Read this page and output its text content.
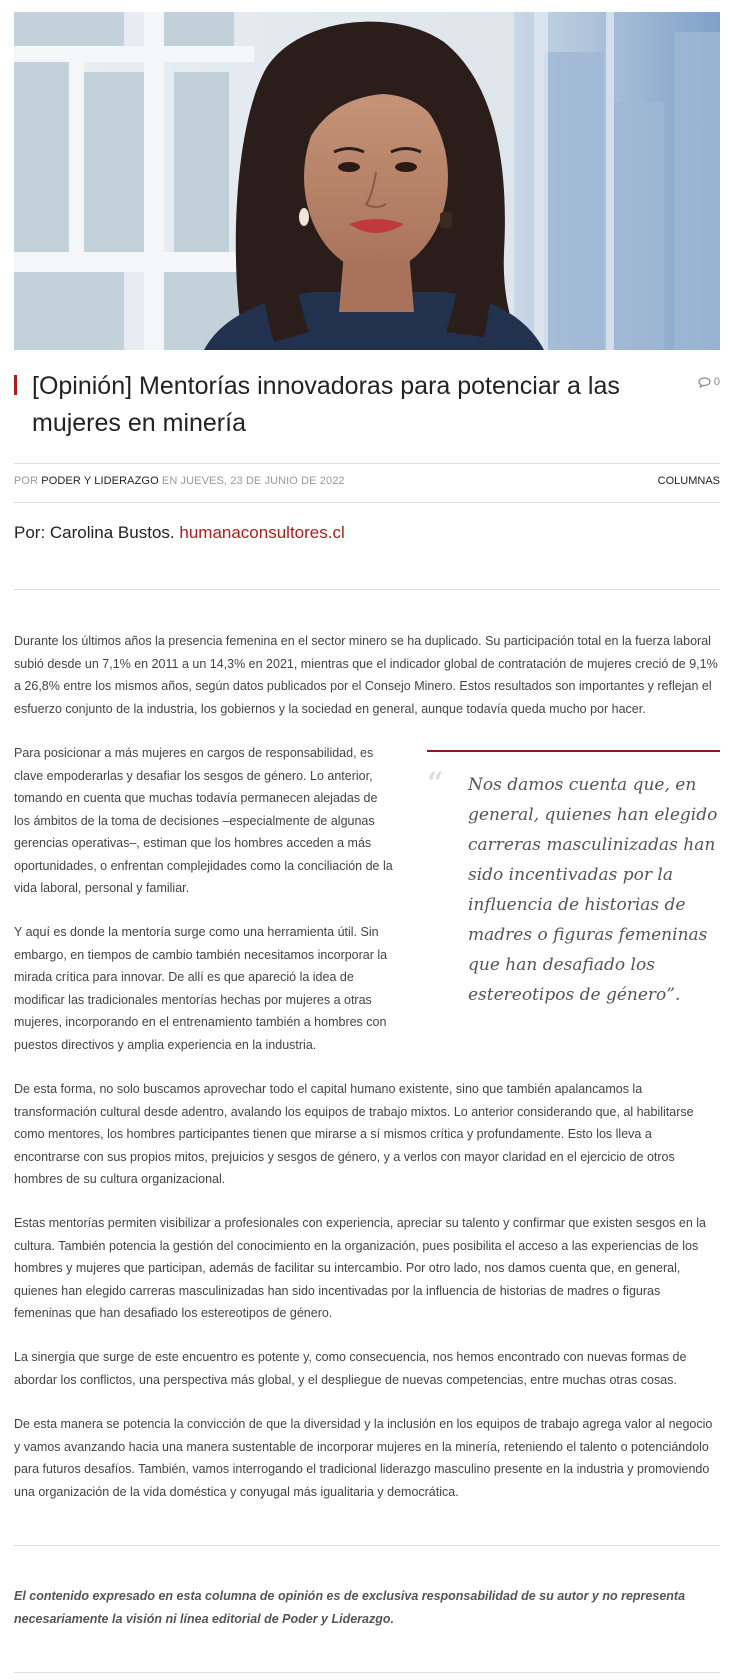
[Opinión] Mentorías innovadoras para potenciar a las mujeres en minería
0
POR PODER Y LIDERAZGO EN JUEVES, 23 DE JUNIO DE 2022	COLUMNAS
Por: Carolina Bustos. humanaconsultores.cl

Durante los últimos años la presencia femenina en el sector minero se ha duplicado. Su participación total en la fuerza laboral subió desde un 7,1% en 2011 a un 14,3% en 2021, mientras que el indicador global de contratación de mujeres creció de 9,1% a 26,8% entre los mismos años, según datos publicados por el Consejo Minero. Estos resultados son importantes y reflejan el esfuerzo conjunto de la industria, los gobiernos y la sociedad en general, aunque todavía queda mucho por hacer.

Para posicionar a más mujeres en cargos de responsabilidad, es clave empoderarlas y desafiar los sesgos de género. Lo anterior, tomando en cuenta que muchas todavía permanecen alejadas de los ámbitos de la toma de decisiones –especialmente de algunas gerencias operativas–, estiman que los hombres acceden a más oportunidades, o enfrentan complejidades como la conciliación de la vida laboral, personal y familiar.

Y aquí es donde la mentoría surge como una herramienta útil. Sin embargo, en tiempos de cambio también necesitamos incorporar la mirada crítica para innovar. De allí es que apareció la idea de modificar las tradicionales mentorías hechas por mujeres a otras mujeres, incorporando en el entrenamiento también a hombres con puestos directivos y amplia experiencia en la industria.

“ Nos damos cuenta que, en general, quienes han elegido carreras masculinizadas han sido incentivadas por la influencia de historias de madres o figuras femeninas que han desafiado los estereotipos de género”.

De esta forma, no solo buscamos aprovechar todo el capital humano existente, sino que también apalancamos la transformación cultural desde adentro, avalando los equipos de trabajo mixtos. Lo anterior considerando que, al habilitarse como mentores, los hombres participantes tienen que mirarse a sí mismos crítica y profundamente. Esto los lleva a encontrarse con sus propios mitos, prejuicios y sesgos de género, y a verlos con mayor claridad en el ejercicio de otros hombres de su cultura organizacional.

Estas mentorías permiten visibilizar a profesionales con experiencia, apreciar su talento y confirmar que existen sesgos en la cultura. También potencia la gestión del conocimiento en la organización, pues posibilita el acceso a las experiencias de los hombres y mujeres que participan, además de facilitar su intercambio. Por otro lado, nos damos cuenta que, en general, quienes han elegido carreras masculinizadas han sido incentivadas por la influencia de historias de madres o figuras femeninas que han desafiado los estereotipos de género.

La sinergia que surge de este encuentro es potente y, como consecuencia, nos hemos encontrado con nuevas formas de abordar los conflictos, una perspectiva más global, y el despliegue de nuevas competencias, entre muchas otras cosas.

De esta manera se potencia la convicción de que la diversidad y la inclusión en los equipos de trabajo agrega valor al negocio y vamos avanzando hacia una manera sustentable de incorporar mujeres en la minería, reteniendo el talento o potenciándolo para futuros desafíos. También, vamos interrogando el tradicional liderazgo masculino presente en la industria y promoviendo una organización de la vida doméstica y conyugal más igualitaria y democrática.

El contenido expresado en esta columna de opinión es de exclusiva responsabilidad de su autor y no representa necesariamente la visión ni línea editorial de Poder y Liderazgo.
